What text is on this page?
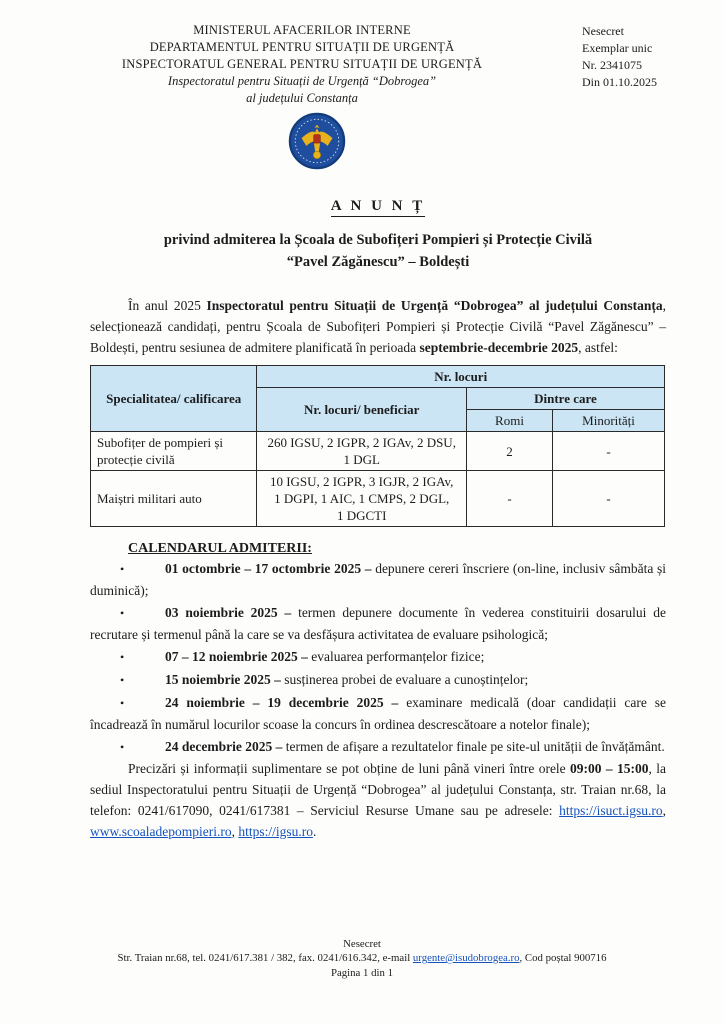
MINISTERUL AFACERILOR INTERNE
DEPARTAMENTUL PENTRU SITUAȚII DE URGENȚĂ
INSPECTORATUL GENERAL PENTRU SITUAȚII DE URGENȚĂ
Inspectoratul pentru Situații de Urgență “Dobrogea”
al județului Constanța
Nesecret
Exemplar unic
Nr. 2341075
Din 01.10.2025
A N U N Ț
privind admiterea la Școala de Subofițeri Pompieri și Protecție Civilă
“Pavel Zăgănescu” – Boldești

În anul 2025 Inspectoratul pentru Situații de Urgență “Dobrogea” al județului Constanța, selecționează candidați, pentru Școala de Subofițeri Pompieri și Protecție Civilă “Pavel Zăgănescu” – Boldești, pentru sesiunea de admitere planificată în perioada septembrie-decembrie 2025, astfel:

Specialitatea/ calificarea	Nr. locuri		
	Nr. locuri/ beneficiar	Dintre care	
		Romi	Minorități
Subofițer de pompieri și protecție civilă	260 IGSU, 2 IGPR, 2 IGAv, 2 DSU,
1 DGL	2	-
Maiștri militari auto	10 IGSU, 2 IGPR, 3 IGJR, 2 IGAv,
1 DGPI, 1 AIC, 1 CMPS, 2 DGL,
1 DGCTI	-	-
CALENDARUL ADMITERII:

•	01 octombrie – 17 octombrie 2025 – depunere cereri înscriere (on-line, inclusiv sâmbăta și duminică);

•	03 noiembrie 2025 – termen depunere documente în vederea constituirii dosarului de recrutare și termenul până la care se va desfășura activitatea de evaluare psihologică;

•	07 – 12 noiembrie 2025 – evaluarea performanțelor fizice;

•	15 noiembrie 2025 – susținerea probei de evaluare a cunoștințelor;

•	24 noiembrie – 19 decembrie 2025 – examinare medicală (doar candidații care se încadrează în numărul locurilor scoase la concurs în ordinea descrescătoare a notelor finale);

•	24 decembrie 2025 – termen de afișare a rezultatelor finale pe site-ul unității de învățământ.

Precizări și informații suplimentare se pot obține de luni până vineri între orele 09:00 – 15:00, la sediul Inspectoratului pentru Situații de Urgență “Dobrogea” al județului Constanța, str. Traian nr.68, la telefon: 0241/617090, 0241/617381 – Serviciul Resurse Umane sau pe adresele: https://isuct.igsu.ro, www.scoaladepompieri.ro, https://igsu.ro.

Nesecret
Str. Traian nr.68, tel. 0241/617.381 / 382, fax. 0241/616.342, e-mail urgente@isudobrogea.ro, Cod poștal 900716
Pagina 1 din 1
